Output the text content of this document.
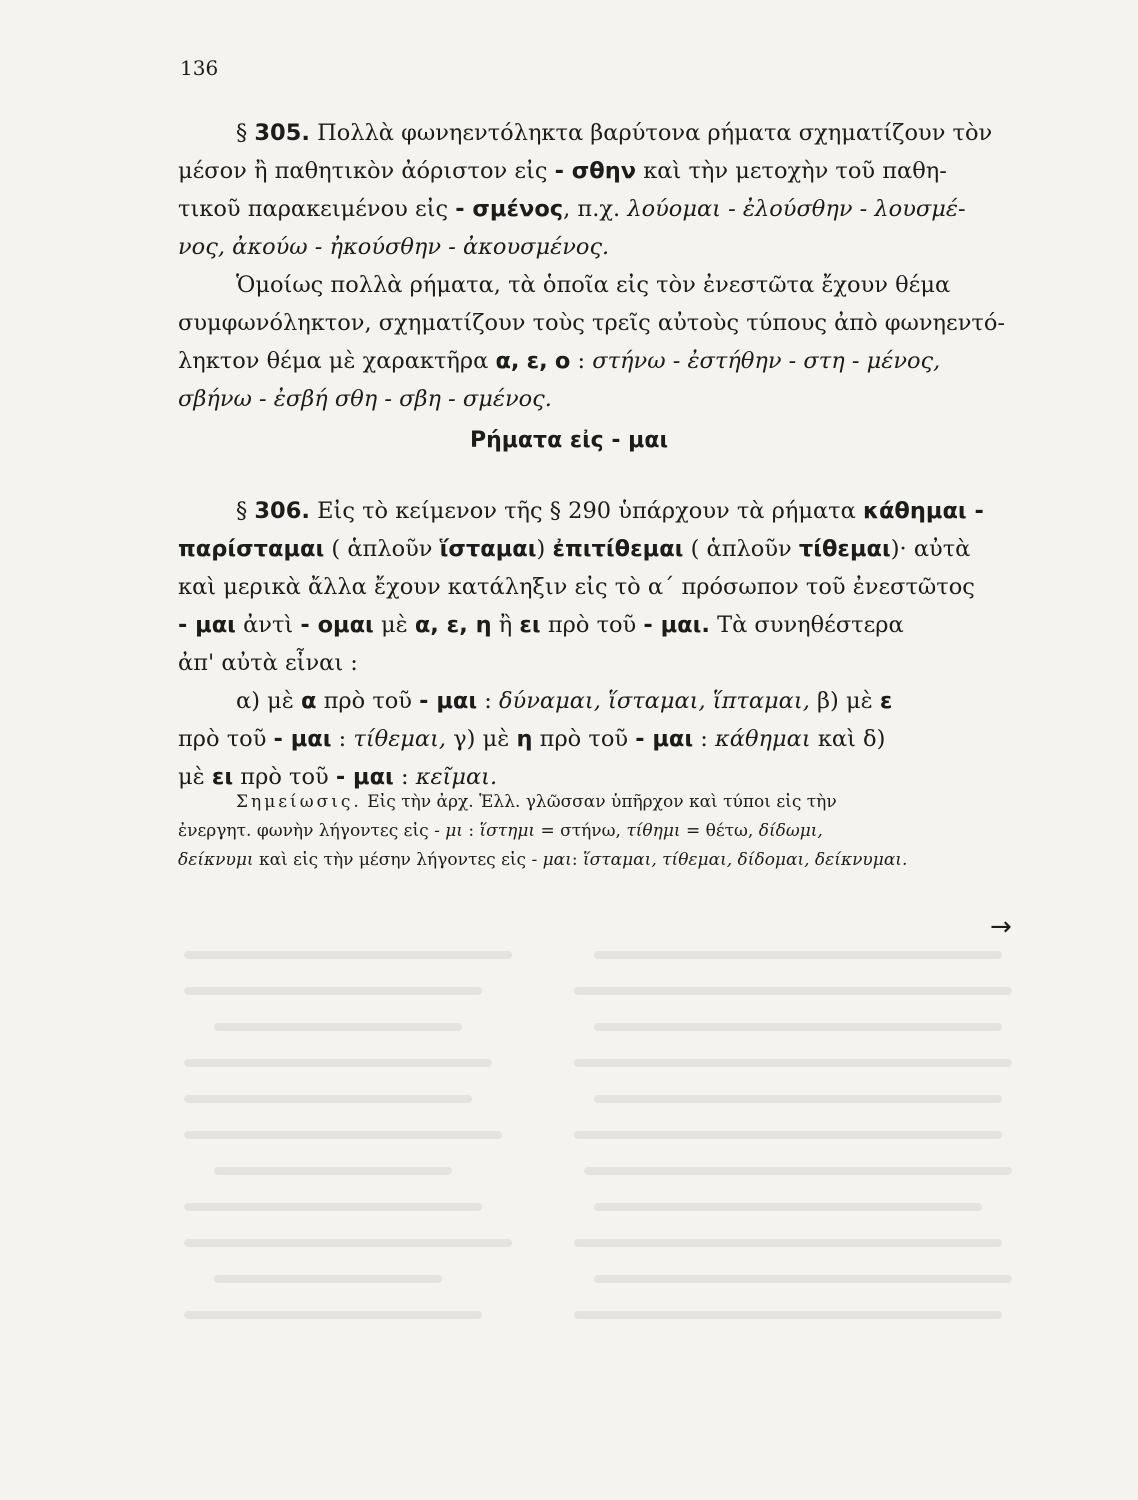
136
§ 305. Πολλὰ φωνηεντόληκτα βαρύτονα ρήματα σχηματίζουν τὸν
μέσον ἢ παθητικὸν ἀόριστον εἰς - σθην καὶ τὴν μετοχὴν τοῦ παθη-
τικοῦ παρακειμένου εἰς - σμένος, π.χ. λούομαι - ἐλούσθην - λουσμέ-
νος, ἀκούω - ἠκούσθην - ἀκουσμένος.
Ὁμοίως πολλὰ ρήματα, τὰ ὁποῖα εἰς τὸν ἐνεστῶτα ἔχουν θέμα
συμφωνόληκτον, σχηματίζουν τοὺς τρεῖς αὐτοὺς τύπους ἀπὸ φωνηεντό-
ληκτον θέμα μὲ χαρακτῆρα α, ε, ο : στήνω - ἐστήθην - στη - μένος,
σβήνω - ἐσβή σθη - σβη - σμένος.
Ρήματα εἰς - μαι
§ 306. Εἰς τὸ κείμενον τῆς § 290 ὑπάρχουν τὰ ρήματα κάθημαι -
παρίσταμαι ( ἁπλοῦν ἵσταμαι) ἐπιτίθεμαι ( ἁπλοῦν τίθεμαι)· αὐτὰ
καὶ μερικὰ ἄλλα ἔχουν κατάληξιν εἰς τὸ α΄ πρόσωπον τοῦ ἐνεστῶτος
- μαι ἀντὶ - ομαι μὲ α, ε, η ἢ ει πρὸ τοῦ - μαι. Τὰ συνηθέστερα
ἀπ' αὐτὰ εἶναι :
α) μὲ α πρὸ τοῦ - μαι : δύναμαι, ἵσταμαι, ἵπταμαι, β) μὲ ε
πρὸ τοῦ - μαι : τίθεμαι, γ) μὲ η πρὸ τοῦ - μαι : κάθημαι καὶ δ)
μὲ ει πρὸ τοῦ - μαι : κεῖμαι.
Σημείωσις. Εἰς τὴν ἀρχ. Ἑλλ. γλῶσσαν ὑπῆρχον καὶ τύποι εἰς τὴν
ἐνεργητ. φωνὴν λήγοντες εἰς - μι : ἵστημι = στήνω, τίθημι = θέτω, δίδωμι,
δείκνυμι καὶ εἰς τὴν μέσην λήγοντες εἰς - μαι: ἵσταμαι, τίθεμαι, δίδομαι, δείκνυμαι.
→
